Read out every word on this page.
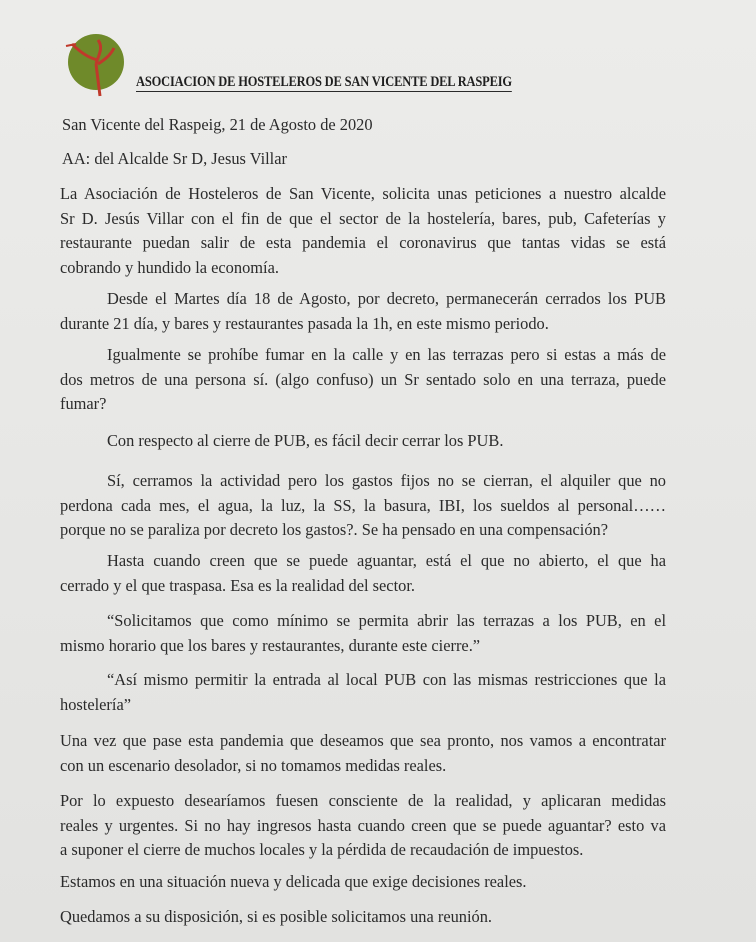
ASOCIACION DE HOSTELEROS DE SAN VICENTE DEL RASPEIG
San Vicente del Raspeig, 21 de Agosto de 2020
AA: del Alcalde Sr D, Jesus Villar
La Asociación de Hosteleros de San Vicente, solicita unas peticiones a nuestro alcalde
Sr D. Jesús Villar con el fin de que el sector de la hostelería, bares, pub, Cafeterías y
restaurante puedan salir de esta pandemia el coronavirus que tantas vidas se está
cobrando y hundido la economía.
Desde el Martes día 18 de Agosto, por decreto, permanecerán cerrados los PUB
durante 21 día, y bares y restaurantes pasada la 1h, en este mismo periodo.
Igualmente se prohíbe fumar en la calle y en las terrazas pero si estas a más de
dos metros de una persona sí. (algo confuso) un Sr sentado solo en una terraza, puede
fumar?
Con respecto al cierre de PUB, es fácil decir cerrar los PUB.
Sí, cerramos la actividad pero los gastos fijos no se cierran, el alquiler que no
perdona cada mes, el agua, la luz, la SS, la basura, IBI, los sueldos al personal……
porque no se paraliza por decreto los gastos?. Se ha pensado en una compensación?
Hasta cuando creen que se puede aguantar, está el que no abierto, el que ha
cerrado y el que traspasa. Esa es la realidad del sector.
“Solicitamos que como mínimo se permita abrir las terrazas a los PUB, en el
mismo horario que los bares y restaurantes, durante este cierre.”
“Así mismo permitir la entrada al local PUB con las mismas restricciones que la
hostelería”
Una vez que pase esta pandemia que deseamos que sea pronto, nos vamos a encontratar
con un escenario desolador, si no tomamos medidas reales.
Por lo expuesto desearíamos fuesen consciente de la realidad, y aplicaran medidas
reales y urgentes. Si no hay ingresos hasta cuando creen que se puede aguantar? esto va
a suponer el cierre de muchos locales y la pérdida de recaudación de impuestos.
Estamos en una situación nueva y delicada que exige decisiones reales.
Quedamos a su disposición, si es posible solicitamos una reunión.
